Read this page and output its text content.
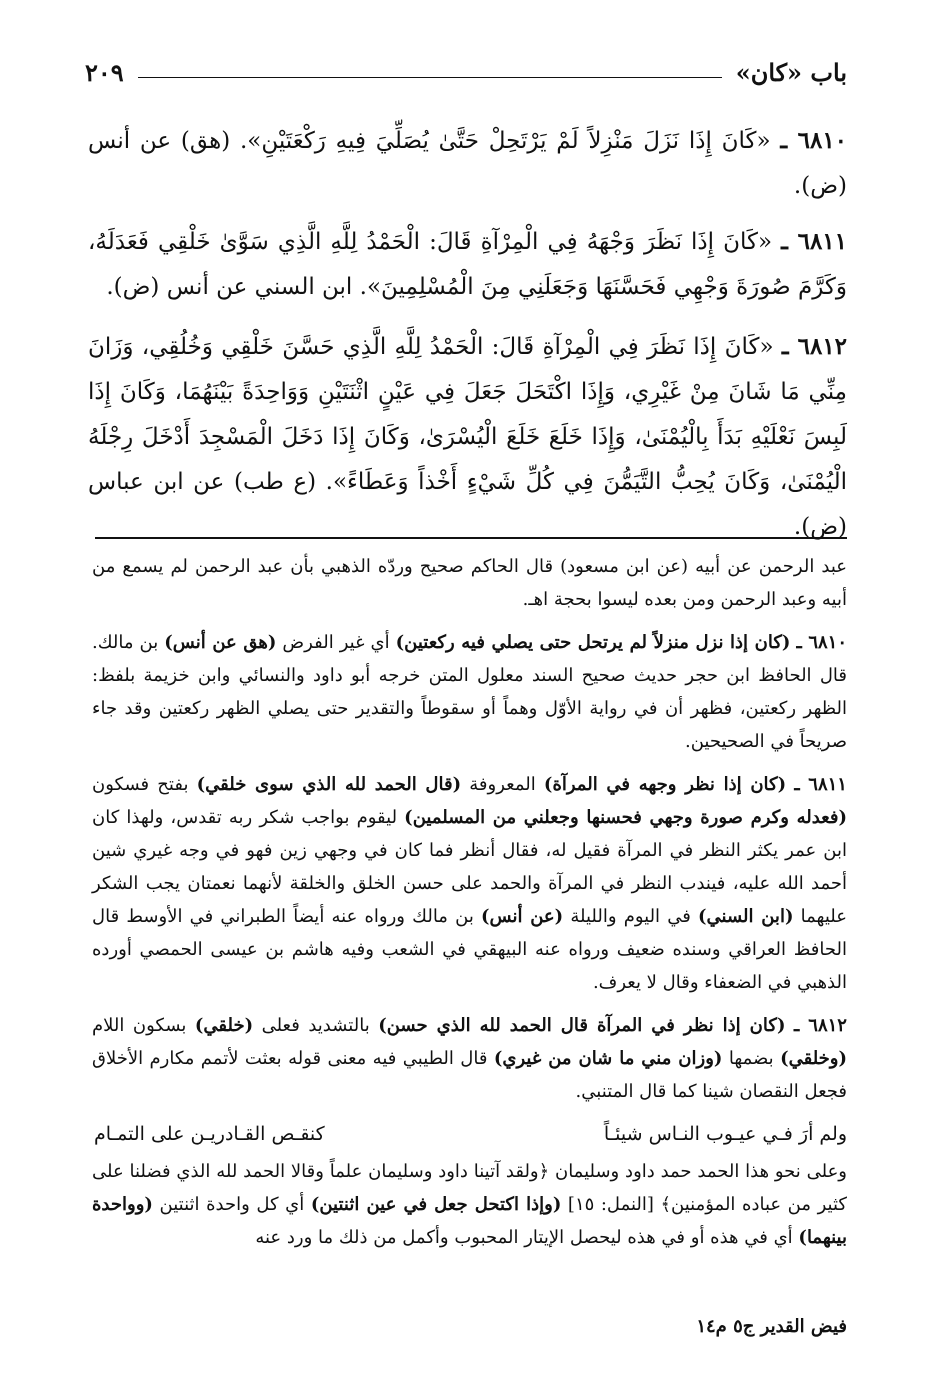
باب «كان»
٢٠٩

٦٨١٠ ـ «كَانَ إِذَا نَزَلَ مَنْزِلاً لَمْ يَرْتَحِلْ حَتَّىٰ يُصَلِّيَ فِيهِ رَكْعَتَيْنِ». (هق) عن أنس (ض).

٦٨١١ ـ «كَانَ إِذَا نَظَرَ وَجْهَهُ فِي الْمِرْآةِ قَالَ: الْحَمْدُ لِلَّهِ الَّذِي سَوَّىٰ خَلْقِي فَعَدَلَهُ، وَكَرَّمَ صُورَةَ وَجْهِي فَحَسَّنَهَا وَجَعَلَنِي مِنَ الْمُسْلِمِينَ». ابن السني عن أنس (ض).

٦٨١٢ ـ «كَانَ إِذَا نَظَرَ فِي الْمِرْآةِ قَالَ: الْحَمْدُ لِلَّهِ الَّذِي حَسَّنَ خَلْقِي وَخُلُقِي، وَزَانَ مِنِّي مَا شَانَ مِنْ غَيْرِي، وَإِذَا اكْتَحَلَ جَعَلَ فِي عَيْنٍ اثْنَتَيْنِ وَوَاحِدَةً بَيْنَهُمَا، وَكَانَ إِذَا لَبِسَ نَعْلَيْهِ بَدَأَ بِالْيُمْنَىٰ، وَإِذَا خَلَعَ خَلَعَ الْيُسْرَىٰ، وَكَانَ إِذَا دَخَلَ الْمَسْجِدَ أَدْخَلَ رِجْلَهُ الْيُمْنَىٰ، وَكَانَ يُحِبُّ التَّيَمُّنَ فِي كُلِّ شَيْءٍ أَخْذاً وَعَطَاءً». (ع طب) عن ابن عباس (ض).

عبد الرحمن عن أبيه (عن ابن مسعود) قال الحاكم صحيح وردّه الذهبي بأن عبد الرحمن لم يسمع من أبيه وعبد الرحمن ومن بعده ليسوا بحجة اهـ.

٦٨١٠ ـ (كان إذا نزل منزلاً لم يرتحل حتى يصلي فيه ركعتين) أي غير الفرض (هق عن أنس) بن مالك. قال الحافظ ابن حجر حديث صحيح السند معلول المتن خرجه أبو داود والنسائي وابن خزيمة بلفظ: الظهر ركعتين، فظهر أن في رواية الأوّل وهماً أو سقوطاً والتقدير حتى يصلي الظهر ركعتين وقد جاء صريحاً في الصحيحين.

٦٨١١ ـ (كان إذا نظر وجهه في المرآة) المعروفة (قال الحمد لله الذي سوى خلقي) بفتح فسكون (فعدله وكرم صورة وجهي فحسنها وجعلني من المسلمين) ليقوم بواجب شكر ربه تقدس، ولهذا كان ابن عمر يكثر النظر في المرآة فقيل له، فقال أنظر فما كان في وجهي زين فهو في وجه غيري شين أحمد الله عليه، فيندب النظر في المرآة والحمد على حسن الخلق والخلقة لأنهما نعمتان يجب الشكر عليهما (ابن السني) في اليوم والليلة (عن أنس) بن مالك ورواه عنه أيضاً الطبراني في الأوسط قال الحافظ العراقي وسنده ضعيف ورواه عنه البيهقي في الشعب وفيه هاشم بن عيسى الحمصي أورده الذهبي في الضعفاء وقال لا يعرف.

٦٨١٢ ـ (كان إذا نظر في المرآة قال الحمد لله الذي حسن) بالتشديد فعلى (خلقي) بسكون اللام (وخلقي) بضمها (وزان مني ما شان من غيري) قال الطيبي فيه معنى قوله بعثت لأتمم مكارم الأخلاق فجعل النقصان شينا كما قال المتنبي.

ولم أرَ فـي عيـوب النـاس شيئـاً
كنقـص القـادريـن على التمـام

وعلى نحو هذا الحمد حمد داود وسليمان ﴿ولقد آتينا داود وسليمان علماً وقالا الحمد لله الذي فضلنا على كثير من عباده المؤمنين﴾ [النمل: ١٥] (وإذا اكتحل جعل في عين اثنتين) أي كل واحدة اثنتين (وواحدة بينهما) أي في هذه أو في هذه ليحصل الإيتار المحبوب وأكمل من ذلك ما ورد عنه

فيض القدير ج٥ م١٤
